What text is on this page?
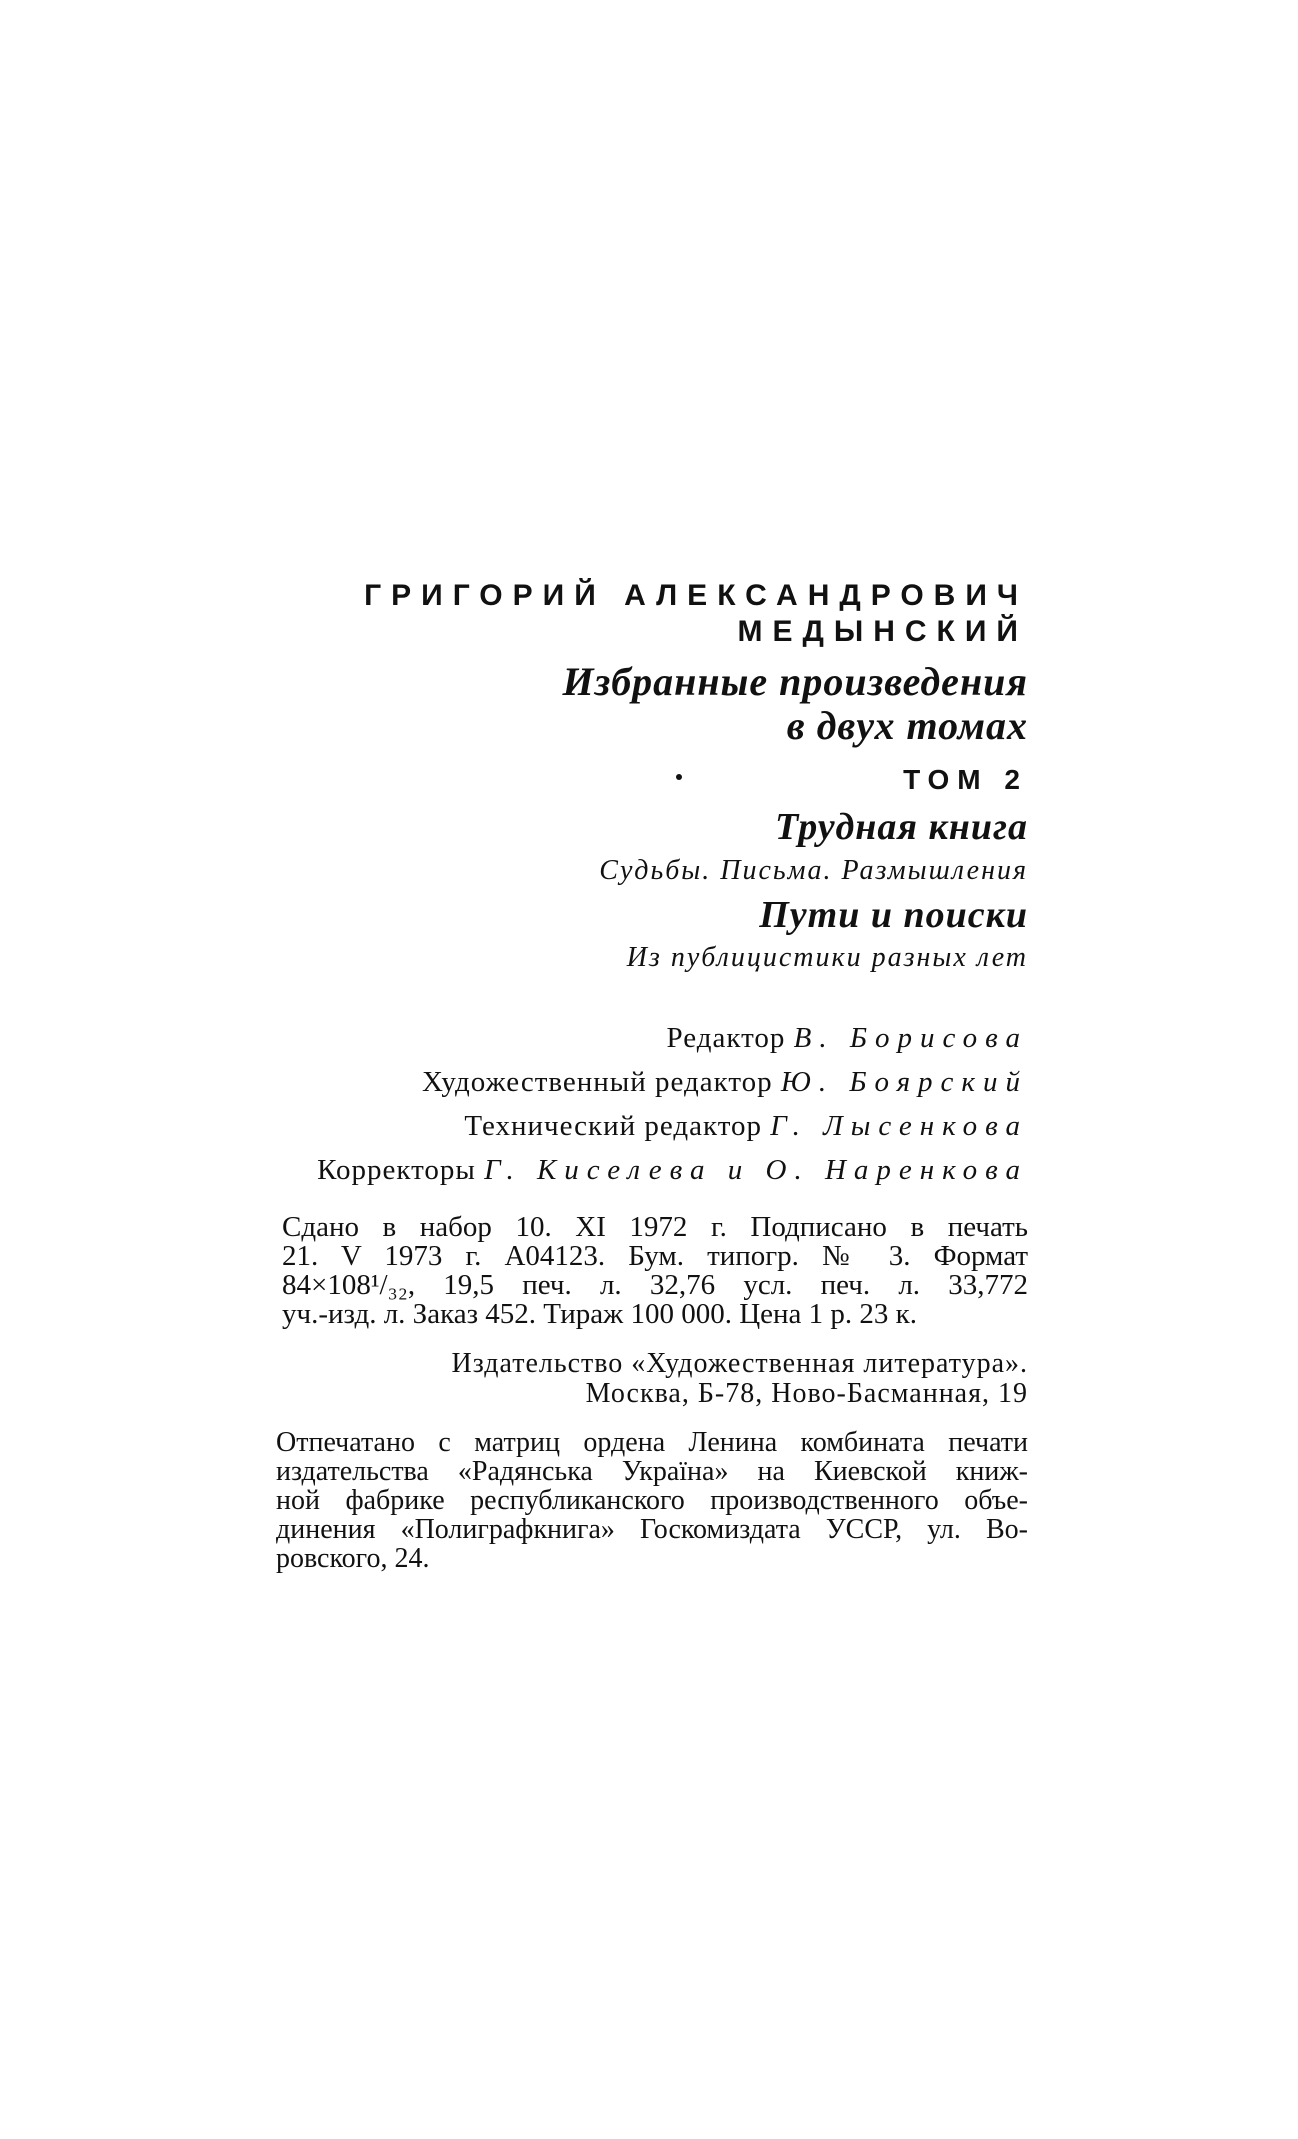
ГРИГОРИЙ АЛЕКСАНДРОВИЧ
МЕДЫНСКИЙ
Избранные произведения
в двух томах
ТОМ 2
Трудная книга
Судьбы. Письма. Размышления
Пути и поиски
Из публицистики разных лет
Редактор В. Борисова
Художественный редактор Ю. Боярский
Технический редактор Г. Лысенкова
Корректоры Г. Киселева и О. Наренкова
Сдано в набор 10. XI 1972 г. Подписано в печать
21. V 1973 г. А04123. Бум. типогр. № 3. Формат
84×108¹/₃₂, 19,5 печ. л. 32,76 усл. печ. л. 33,772
уч.-изд. л. Заказ 452. Тираж 100 000. Цена 1 р. 23 к.
Издательство «Художественная литература».
Москва, Б-78, Ново-Басманная, 19
Отпечатано с матриц ордена Ленина комбината печати
издательства «Радянська Україна» на Киевской книж-
ной фабрике республиканского производственного объе-
динения «Полиграфкнига» Госкомиздата УССР, ул. Во-
ровского, 24.
